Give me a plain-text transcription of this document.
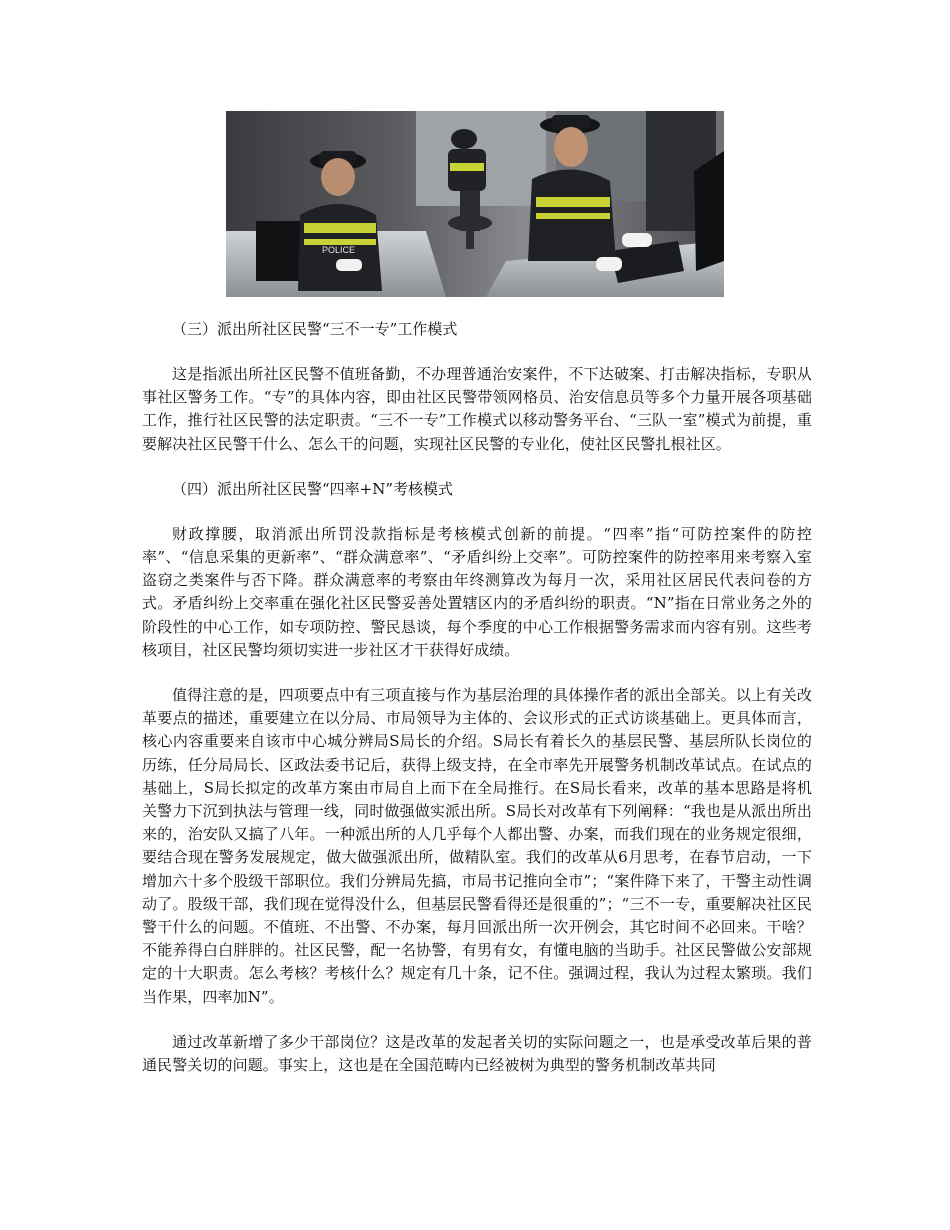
POLICE

（三）派出所社区民警“三不一专”工作模式

这是指派出所社区民警不值班备勤，不办理普通治安案件，不下达破案、打击解决指标，专职从事社区警务工作。“专”的具体内容，即由社区民警带领网格员、治安信息员等多个力量开展各项基础工作，推行社区民警的法定职责。“三不一专”工作模式以移动警务平台、“三队一室”模式为前提，重要解决社区民警干什么、怎么干的问题，实现社区民警的专业化，使社区民警扎根社区。

（四）派出所社区民警“四率+N”考核模式

财政撑腰，取消派出所罚没款指标是考核模式创新的前提。“四率”指“可防控案件的防控率”、“信息采集的更新率”、“群众满意率”、“矛盾纠纷上交率”。可防控案件的防控率用来考察入室盗窃之类案件与否下降。群众满意率的考察由年终测算改为每月一次，采用社区居民代表问卷的方式。矛盾纠纷上交率重在强化社区民警妥善处置辖区内的矛盾纠纷的职责。“N”指在日常业务之外的阶段性的中心工作，如专项防控、警民恳谈，每个季度的中心工作根据警务需求而内容有别。这些考核项目，社区民警均须切实进一步社区才干获得好成绩。

值得注意的是，四项要点中有三项直接与作为基层治理的具体操作者的派出全部关。以上有关改革要点的描述，重要建立在以分局、市局领导为主体的、会议形式的正式访谈基础上。更具体而言，核心内容重要来自该市中心城分辨局S局长的介绍。S局长有着长久的基层民警、基层所队长岗位的历练，任分局局长、区政法委书记后，获得上级支持，在全市率先开展警务机制改革试点。在试点的基础上，S局长拟定的改革方案由市局自上而下在全局推行。在S局长看来，改革的基本思路是将机关警力下沉到执法与管理一线，同时做强做实派出所。S局长对改革有下列阐释：“我也是从派出所出来的，治安队又搞了八年。一种派出所的人几乎每个人都出警、办案，而我们现在的业务规定很细，要结合现在警务发展规定，做大做强派出所，做精队室。我们的改革从6月思考，在春节启动，一下增加六十多个股级干部职位。我们分辨局先搞，市局书记推向全市”；“案件降下来了，干警主动性调动了。股级干部，我们现在觉得没什么，但基层民警看得还是很重的”；“三不一专，重要解决社区民警干什么的问题。不值班、不出警、不办案，每月回派出所一次开例会，其它时间不必回来。干啥？不能养得白白胖胖的。社区民警，配一名协警，有男有女，有懂电脑的当助手。社区民警做公安部规定的十大职责。怎么考核？考核什么？规定有几十条，记不住。强调过程，我认为过程太繁琐。我们当作果，四率加N”。

通过改革新增了多少干部岗位？这是改革的发起者关切的实际问题之一，也是承受改革后果的普通民警关切的问题。事实上，这也是在全国范畴内已经被树为典型的警务机制改革共同
